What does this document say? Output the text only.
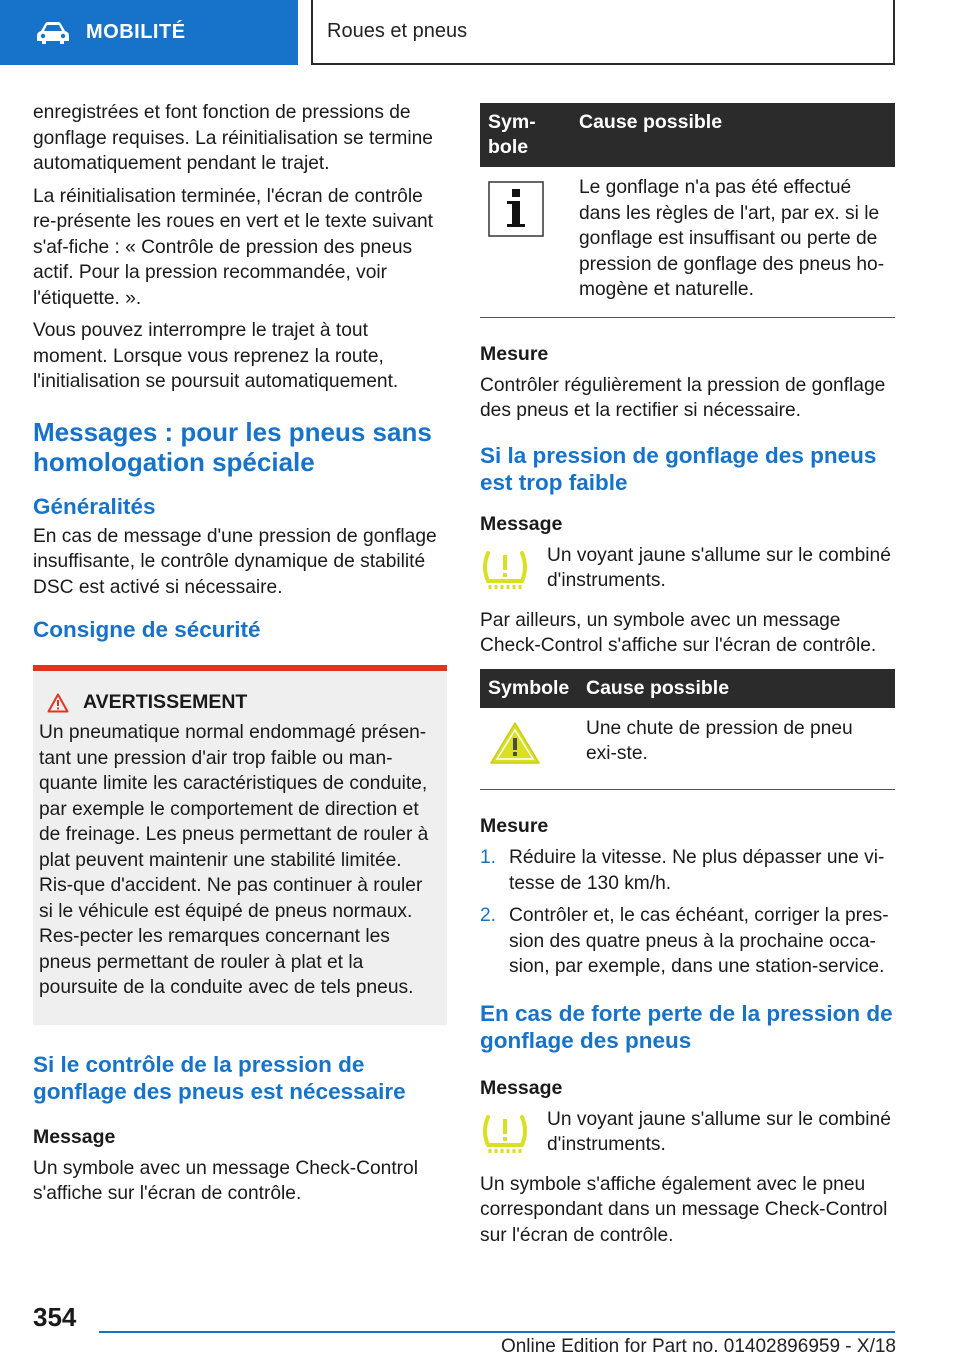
MOBILITÉ	Roues et pneus

enregistrées et font fonction de pressions de gonflage requises. La réinitialisation se termine automatiquement pendant le trajet.

La réinitialisation terminée, l'écran de contrôle re-présente les roues en vert et le texte suivant s'af-fiche : « Contrôle de pression des pneus actif. Pour la pression recommandée, voir l'étiquette. ».

Vous pouvez interrompre le trajet à tout moment. Lorsque vous reprenez la route, l'initialisation se poursuit automatiquement.

Messages : pour les pneus sans homologation spéciale
Généralités

En cas de message d'une pression de gonflage insuffisante, le contrôle dynamique de stabilité DSC est activé si nécessaire.

Consigne de sécurité
AVERTISSEMENT

Un pneumatique normal endommagé présen-tant une pression d'air trop faible ou man-quante limite les caractéristiques de conduite, par exemple le comportement de direction et de freinage. Les pneus permettant de rouler à plat peuvent maintenir une stabilité limitée. Ris-que d'accident. Ne pas continuer à rouler si le véhicule est équipé de pneus normaux. Res-pecter les remarques concernant les pneus permettant de rouler à plat et la poursuite de la conduite avec de tels pneus.

Si le contrôle de la pression de gonflage des pneus est nécessaire
Message

Un symbole avec un message Check-Control s'affiche sur l'écran de contrôle.

Sym-bole	Cause possible
	Le gonflage n'a pas été effectué dans les règles de l'art, par ex. si le gonflage est insuffisant ou perte de pression de gonflage des pneus ho-mogène et naturelle.
Mesure

Contrôler régulièrement la pression de gonflage des pneus et la rectifier si nécessaire.

Si la pression de gonflage des pneus est trop faible
Message
Un voyant jaune s'allume sur le combiné d'instruments.

Par ailleurs, un symbole avec un message Check-Control s'affiche sur l'écran de contrôle.

Symbole	Cause possible
	Une chute de pression de pneu exi-ste.
Mesure
1. Réduire la vitesse. Ne plus dépasser une vi-tesse de 130 km/h.
2. Contrôler et, le cas échéant, corriger la pres-sion des quatre pneus à la prochaine occa-sion, par exemple, dans une station-service.
En cas de forte perte de la pression de gonflage des pneus
Message
Un voyant jaune s'allume sur le combiné d'instruments.

Un symbole s'affiche également avec le pneu correspondant dans un message Check-Control sur l'écran de contrôle.

354
Online Edition for Part no. 01402896959 - X/18
